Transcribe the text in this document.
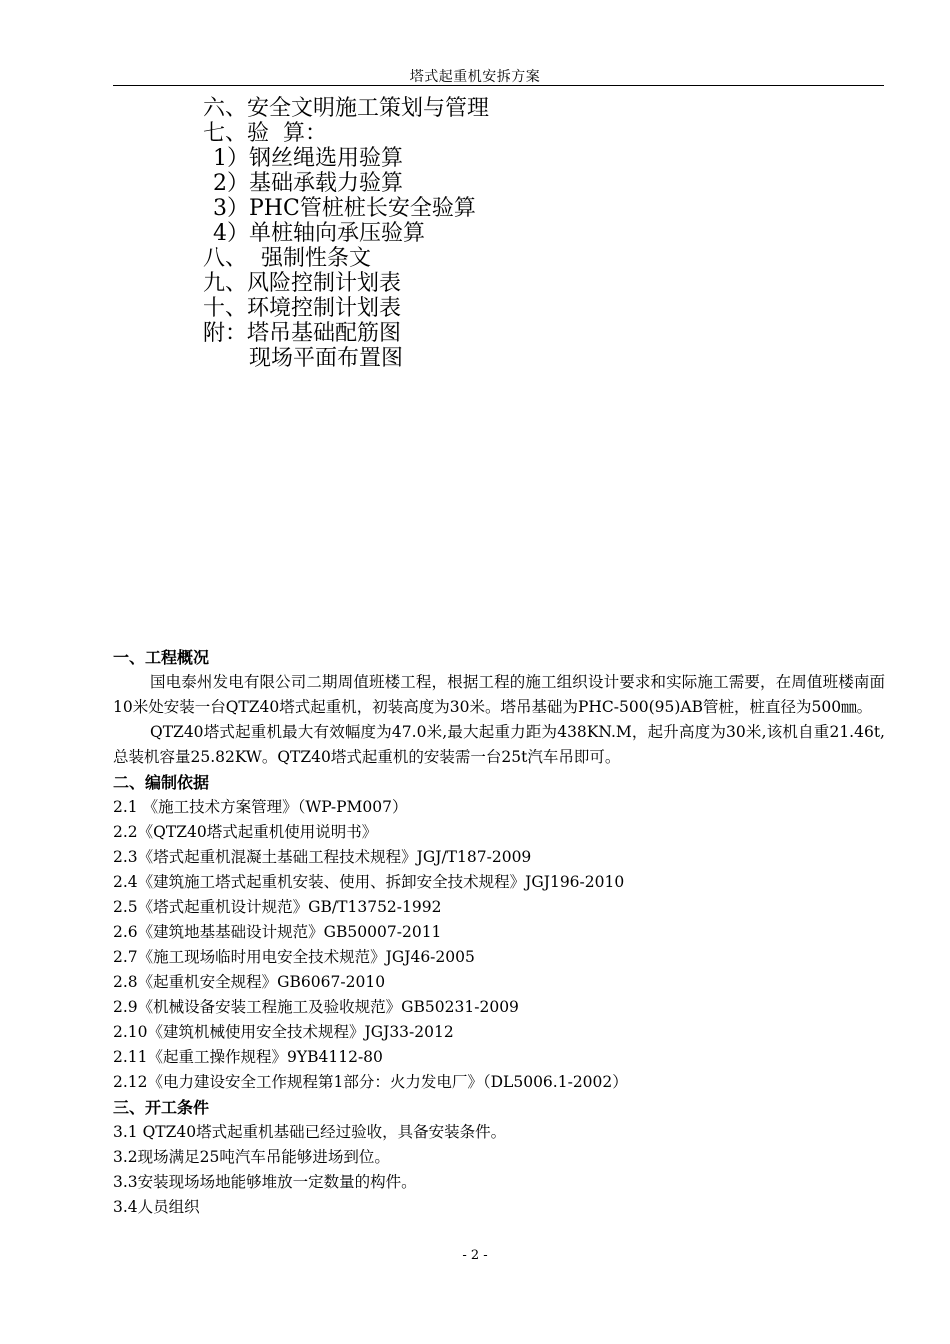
塔式起重机安拆方案
六、安全文明施工策划与管理
七、验  算：
1）钢丝绳选用验算
2）基础承载力验算
3）PHC管桩桩长安全验算
4）单桩轴向承压验算
八、  强制性条文
九、风险控制计划表
十、环境控制计划表
附：塔吊基础配筋图
现场平面布置图
一、工程概况

国电泰州发电有限公司二期周值班楼工程，根据工程的施工组织设计要求和实际施工需要，在周值班楼南面10米处安装一台QTZ40塔式起重机，初装高度为30米。塔吊基础为PHC-500(95)AB管桩，桩直径为500㎜。

QTZ40塔式起重机最大有效幅度为47.0米,最大起重力距为438KN.M，起升高度为30米,该机自重21.46t,总装机容量25.82KW。QTZ40塔式起重机的安装需一台25t汽车吊即可。

二、编制依据
2.1 《施工技术方案管理》（WP-PM007）
2.2《QTZ40塔式起重机使用说明书》
2.3《塔式起重机混凝土基础工程技术规程》JGJ/T187-2009
2.4《建筑施工塔式起重机安装、使用、拆卸安全技术规程》JGJ196-2010
2.5《塔式起重机设计规范》GB/T13752-1992
2.6《建筑地基基础设计规范》GB50007-2011
2.7《施工现场临时用电安全技术规范》JGJ46-2005
2.8《起重机安全规程》GB6067-2010
2.9《机械设备安装工程施工及验收规范》GB50231-2009
2.10《建筑机械使用安全技术规程》JGJ33-2012
2.11《起重工操作规程》9YB4112-80
2.12《电力建设安全工作规程第1部分：火力发电厂》（DL5006.1-2002）
三、开工条件
3.1 QTZ40塔式起重机基础已经过验收，具备安装条件。
3.2现场满足25吨汽车吊能够进场到位。
3.3安装现场场地能够堆放一定数量的构件。
3.4人员组织
- 2 -
